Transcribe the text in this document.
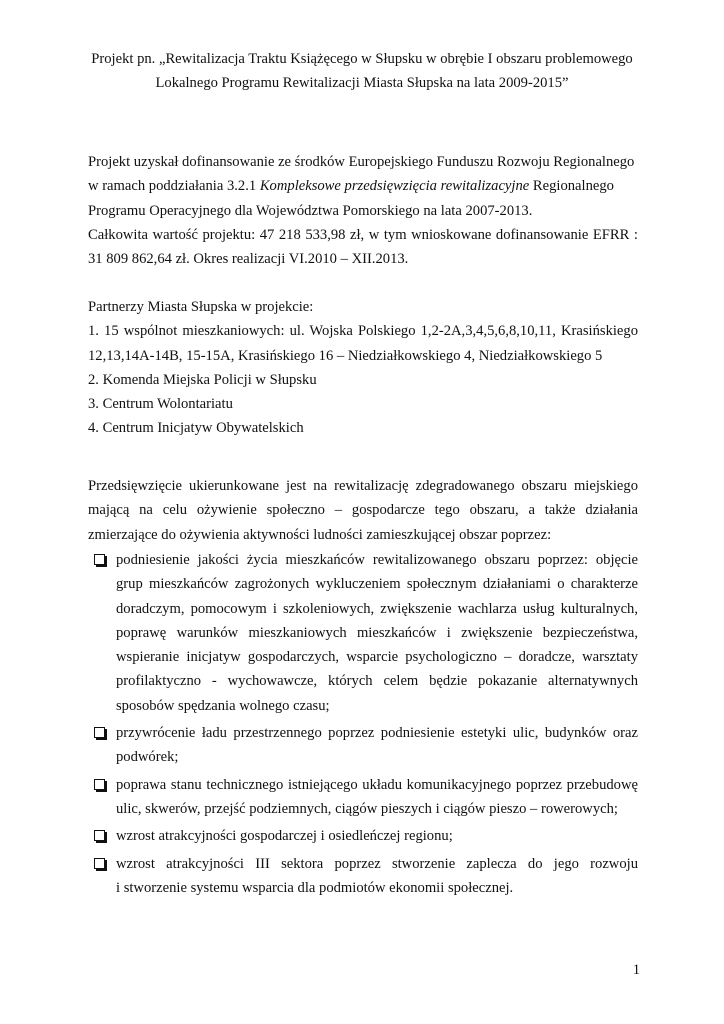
Projekt pn. „Rewitalizacja Traktu Książęcego w Słupsku w obrębie I obszaru problemowego
Lokalnego Programu Rewitalizacji Miasta Słupska na lata 2009-2015”

Projekt uzyskał dofinansowanie ze środków Europejskiego Funduszu Rozwoju Regionalnego

w ramach poddziałania 3.2.1 Kompleksowe przedsięwzięcia rewitalizacyjne Regionalnego

Programu Operacyjnego dla Województwa Pomorskiego na lata 2007-2013.

Całkowita wartość projektu: 47 218 533,98 zł, w tym wnioskowane dofinansowanie EFRR :

31 809 862,64 zł. Okres realizacji VI.2010 – XII.2013.

Partnerzy Miasta Słupska w projekcie:

1. 15 wspólnot mieszkaniowych: ul. Wojska Polskiego 1,2-2A,3,4,5,6,8,10,11, Krasińskiego

12,13,14A-14B, 15-15A, Krasińskiego 16 – Niedziałkowskiego 4, Niedziałkowskiego 5

2. Komenda Miejska Policji w Słupsku

3. Centrum Wolontariatu

4. Centrum Inicjatyw Obywatelskich

Przedsięwzięcie ukierunkowane jest na rewitalizację zdegradowanego obszaru miejskiego

mającą na celu ożywienie społeczno – gospodarcze tego obszaru, a także działania

zmierzające do ożywienia aktywności ludności zamieszkującej obszar poprzez:

podniesienie jakości życia mieszkańców rewitalizowanego obszaru poprzez: objęcie
grup mieszkańców zagrożonych wykluczeniem społecznym działaniami o charakterze
doradczym, pomocowym i szkoleniowych, zwiększenie wachlarza usług kulturalnych,
poprawę warunków mieszkaniowych mieszkańców i zwiększenie bezpieczeństwa,
wspieranie inicjatyw gospodarczych, wsparcie psychologiczno – doradcze, warsztaty
profilaktyczno - wychowawcze, których celem będzie pokazanie alternatywnych
sposobów spędzania wolnego czasu;
przywrócenie ładu przestrzennego poprzez podniesienie estetyki ulic, budynków oraz
podwórek;
poprawa stanu technicznego istniejącego układu komunikacyjnego poprzez przebudowę
ulic, skwerów, przejść podziemnych, ciągów pieszych i ciągów pieszo – rowerowych;
wzrost atrakcyjności gospodarczej i osiedleńczej regionu;
wzrost atrakcyjności III sektora poprzez stworzenie zaplecza do jego rozwoju
i stworzenie systemu wsparcia dla podmiotów ekonomii społecznej.
1
